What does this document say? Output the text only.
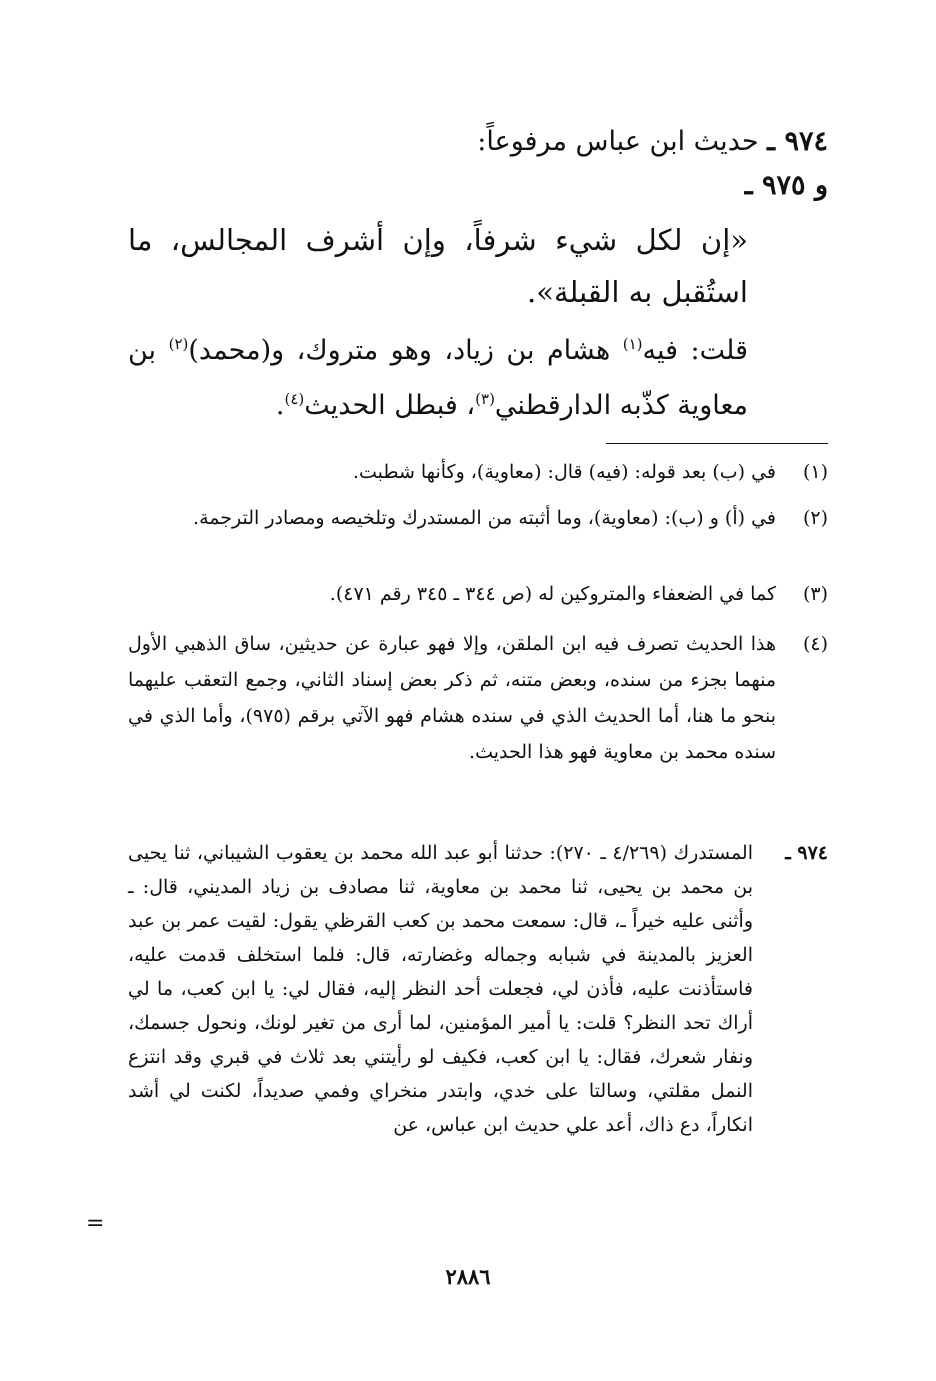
٩٧٤ ـ حديث ابن عباس مرفوعاً:
و ٩٧٥ ـ
«إن لكل شيء شرفاً، وإن أشرف المجالس، ما استُقبل به القبلة».
قلت: فيه$^{(١)}$ هشام بن زياد، وهو متروك، و(محمد)$^{(٢)}$ بن معاوية كذّبه الدارقطني$^{(٣)}$، فبطل الحديث$^{(٤)}$.
(١)
في (ب) بعد قوله: (فيه) قال: (معاوية)، وكأنها شطبت.
(٢)
في (أ) و (ب): (معاوية)، وما أثبته من المستدرك وتلخيصه ومصادر الترجمة.
(٣)
كما في الضعفاء والمتروكين له (ص ٣٤٤ ـ ٣٤٥ رقم ٤٧١).
(٤)
هذا الحديث تصرف فيه ابن الملقن، وإلا فهو عبارة عن حديثين، ساق الذهبي الأول منهما بجزء من سنده، وبعض متنه، ثم ذكر بعض إسناد الثاني، وجمع التعقب عليهما بنحو ما هنا، أما الحديث الذي في سنده هشام فهو الآتي برقم (٩٧٥)، وأما الذي في سنده محمد بن معاوية فهو هذا الحديث.
٩٧٤ ـ
المستدرك (٤/٢٦٩ ـ ٢٧٠): حدثنا أبو عبد الله محمد بن يعقوب الشيباني، ثنا يحيى بن محمد بن يحيى، ثنا محمد بن معاوية، ثنا مصادف بن زياد المديني، قال: ـ وأثنى عليه خيراً ـ، قال: سمعت محمد بن كعب القرظي يقول: لقيت عمر بن عبد العزيز بالمدينة في شبابه وجماله وغضارته، قال: فلما استخلف قدمت عليه، فاستأذنت عليه، فأذن لي، فجعلت أحد النظر إليه، فقال لي: يا ابن كعب، ما لي أراك تحد النظر؟ قلت: يا أمير المؤمنين، لما أرى من تغير لونك، ونحول جسمك، ونفار شعرك، فقال: يا ابن كعب، فكيف لو رأيتني بعد ثلاث في قبري وقد انتزع النمل مقلتي، وسالتا على خدي، وابتدر منخراي وفمي صديداً، لكنت لي أشد انكاراً، دع ذاك، أعد علي حديث ابن عباس، عن
=
٢٨٨٦
